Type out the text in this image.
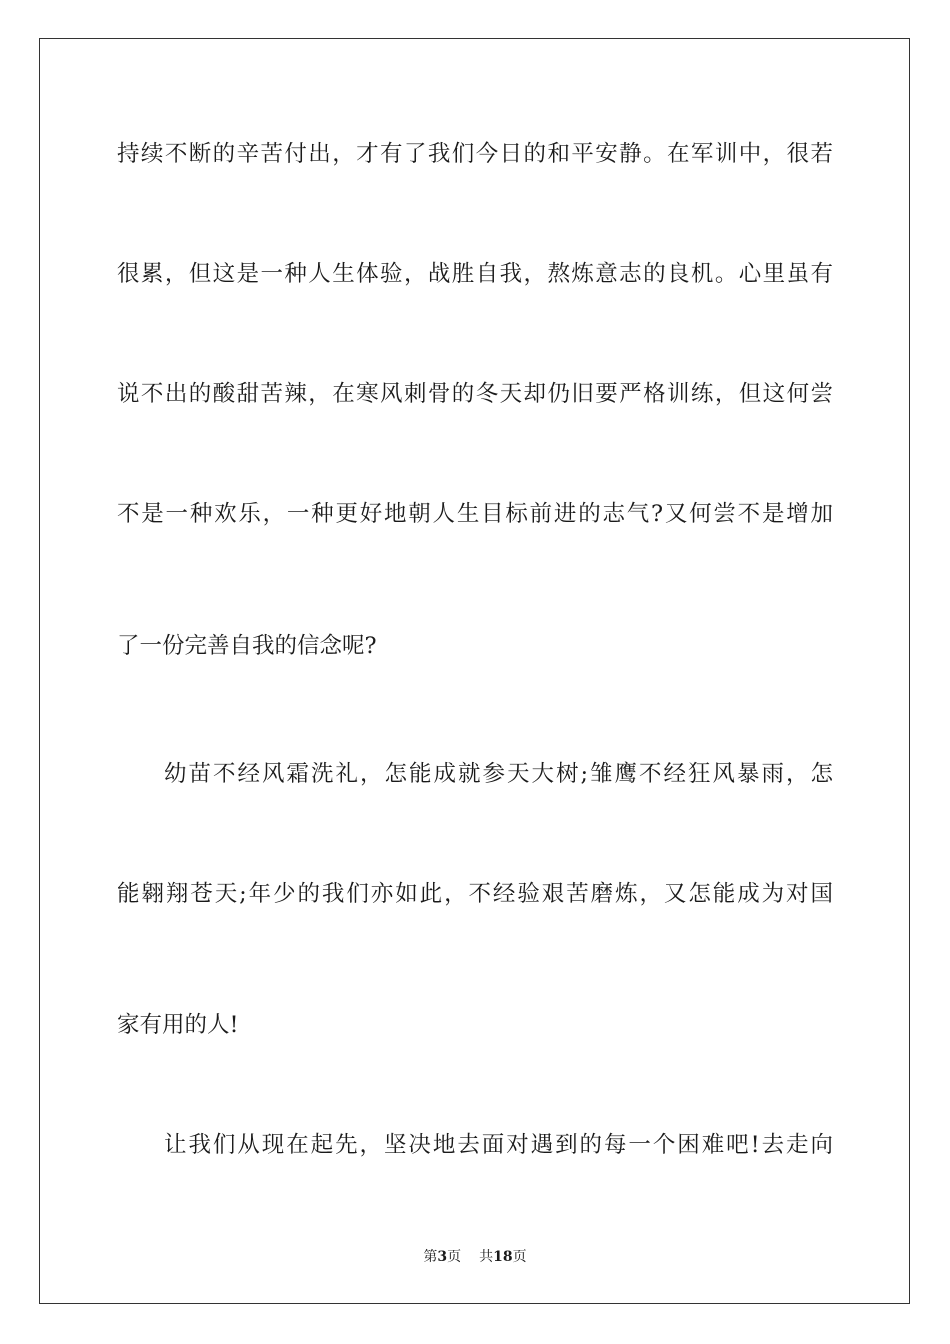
持续不断的辛苦付出，才有了我们今日的和平安静。在军训中，很若
很累，但这是一种人生体验，战胜自我，熬炼意志的良机。心里虽有
说不出的酸甜苦辣，在寒风刺骨的冬天却仍旧要严格训练，但这何尝
不是一种欢乐，一种更好地朝人生目标前进的志气?又何尝不是增加
了一份完善自我的信念呢?
幼苗不经风霜洗礼，怎能成就参天大树;雏鹰不经狂风暴雨，怎
能翱翔苍天;年少的我们亦如此，不经验艰苦磨炼，又怎能成为对国
家有用的人!
让我们从现在起先，坚决地去面对遇到的每一个困难吧!去走向
第3页 共18页
